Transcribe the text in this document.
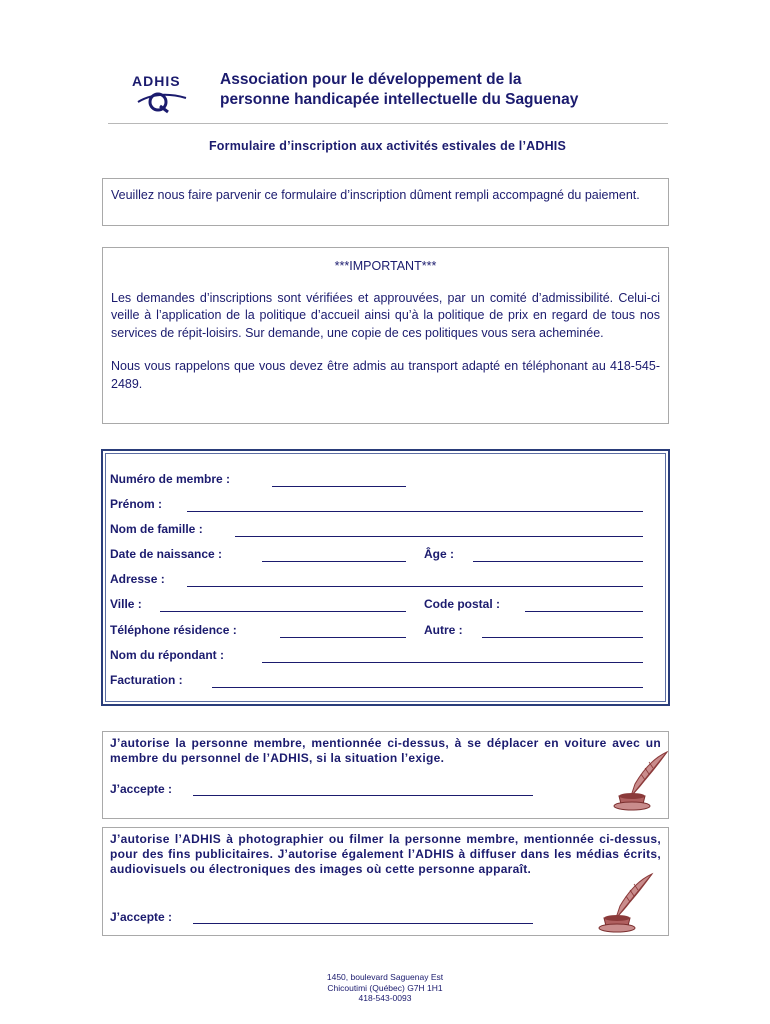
ADHIS	Association pour le développement de la
personne handicapée intellectuelle du Saguenay
Formulaire d’inscription aux activités estivales de l’ADHIS
Veuillez nous faire parvenir ce formulaire d’inscription dûment rempli accompagné du paiement.
***IMPORTANT***
Les demandes d’inscriptions sont vérifiées et approuvées, par un comité d’admissibilité. Celui-ci veille à l’application de la politique d’accueil ainsi qu’à la politique de prix en regard de tous nos services de répit-loisirs. Sur demande, une copie de ces politiques vous sera acheminée.
Nous vous rappelons que vous devez être admis au transport adapté en téléphonant au 418-545-2489.
Numéro de membre :
Prénom :
Nom de famille :
Date de naissance :	Âge :
Adresse :
Ville :	Code postal :
Téléphone résidence :	Autre :
Nom du répondant :
Facturation :
J’autorise la personne membre, mentionnée ci-dessus, à se déplacer en voiture avec un membre du personnel de l’ADHIS, si la situation l’exige.
J’accepte :
J’autorise l’ADHIS à photographier ou filmer la personne membre, mentionnée ci-dessus, pour des fins publicitaires. J’autorise également l’ADHIS à diffuser dans les médias écrits, audiovisuels ou électroniques des images où cette personne apparaît.
J’accepte :
1450, boulevard Saguenay Est
Chicoutimi (Québec) G7H 1H1
418-543-0093
